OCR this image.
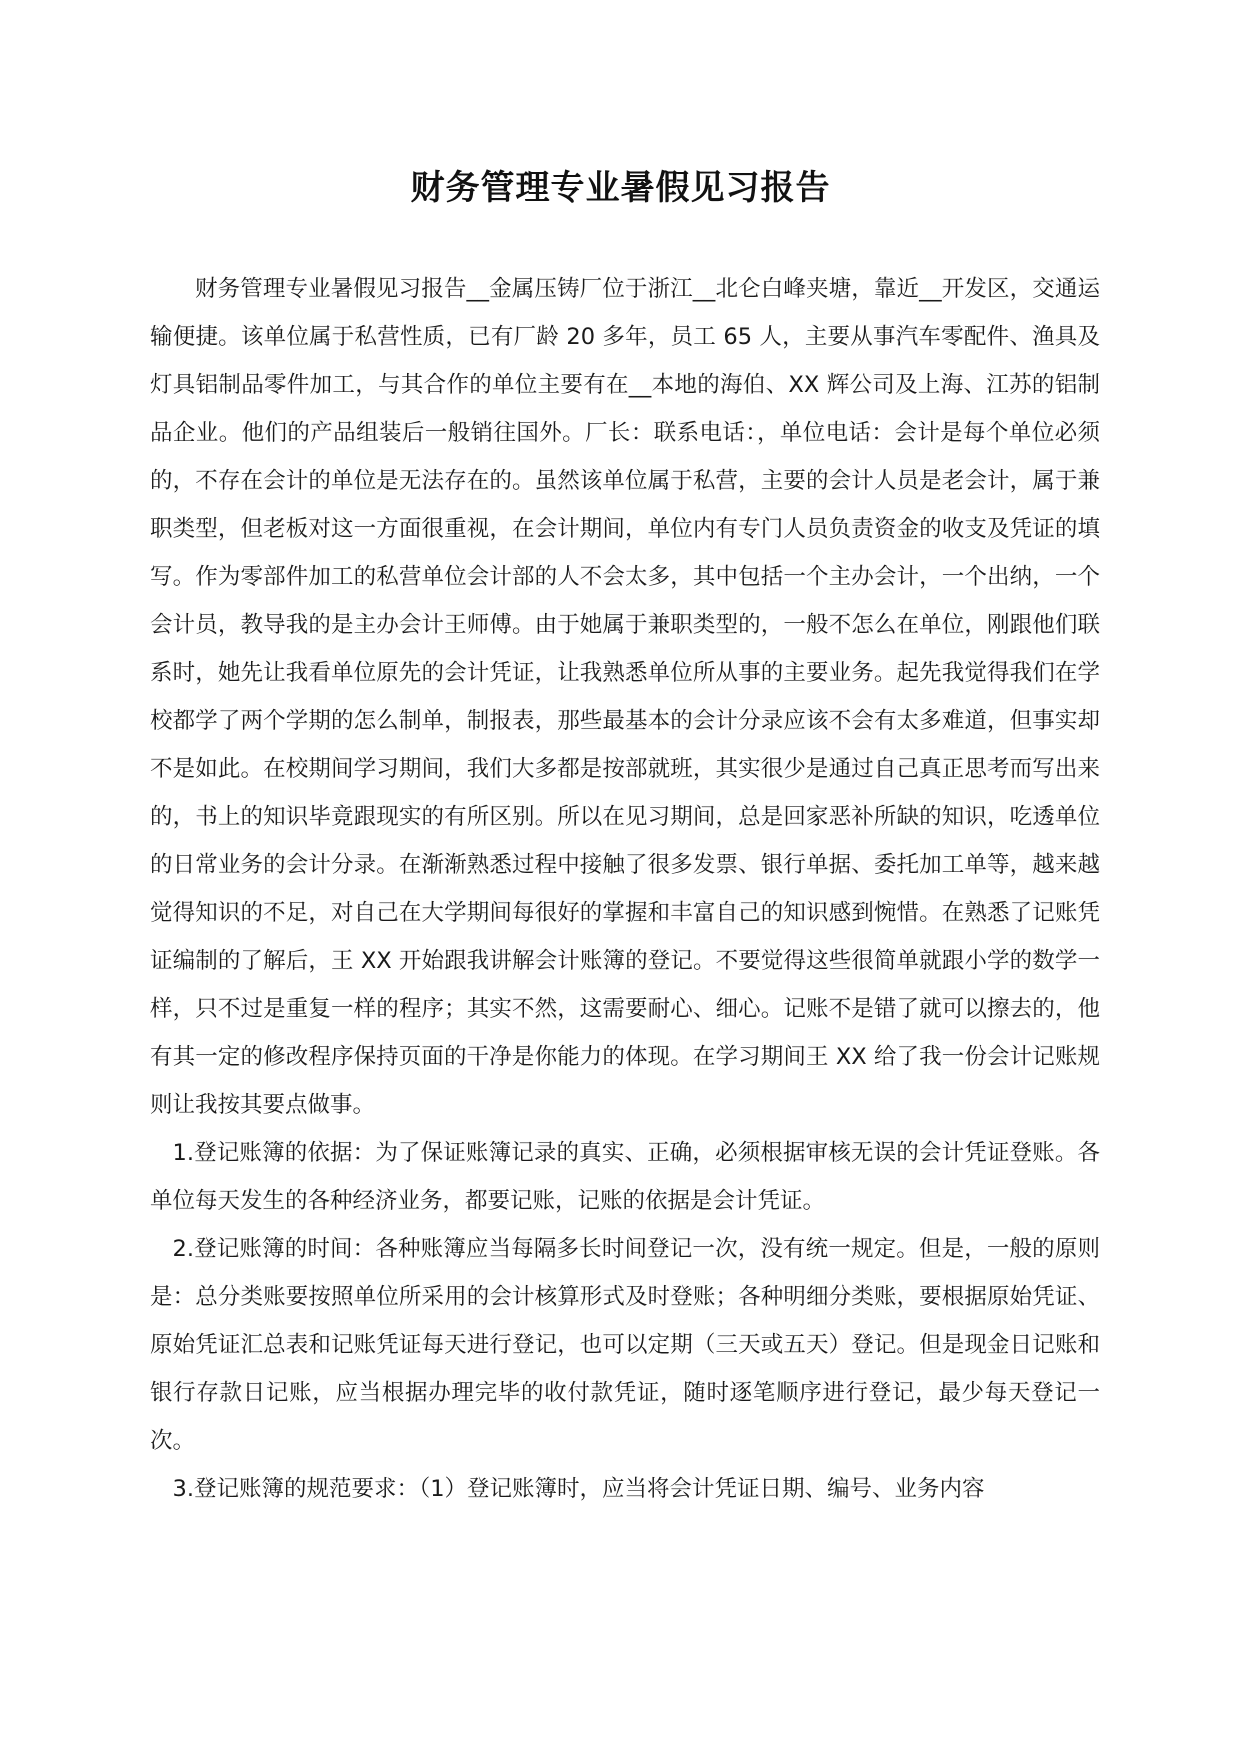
财务管理专业暑假见习报告

财务管理专业暑假见习报告__金属压铸厂位于浙江__北仑白峰夹塘，靠近__开发区，交通运输便捷。该单位属于私营性质，已有厂龄 20 多年，员工 65 人，主要从事汽车零配件、渔具及灯具铝制品零件加工，与其合作的单位主要有在__本地的海伯、XX 辉公司及上海、江苏的铝制品企业。他们的产品组装后一般销往国外。厂长：联系电话：，单位电话：会计是每个单位必须的，不存在会计的单位是无法存在的。虽然该单位属于私营，主要的会计人员是老会计，属于兼职类型，但老板对这一方面很重视，在会计期间，单位内有专门人员负责资金的收支及凭证的填写。作为零部件加工的私营单位会计部的人不会太多，其中包括一个主办会计，一个出纳，一个会计员，教导我的是主办会计王师傅。由于她属于兼职类型的，一般不怎么在单位，刚跟他们联系时，她先让我看单位原先的会计凭证，让我熟悉单位所从事的主要业务。起先我觉得我们在学校都学了两个学期的怎么制单，制报表，那些最基本的会计分录应该不会有太多难道，但事实却不是如此。在校期间学习期间，我们大多都是按部就班，其实很少是通过自己真正思考而写出来的，书上的知识毕竟跟现实的有所区别。所以在见习期间，总是回家恶补所缺的知识，吃透单位的日常业务的会计分录。在渐渐熟悉过程中接触了很多发票、银行单据、委托加工单等，越来越觉得知识的不足，对自己在大学期间每很好的掌握和丰富自己的知识感到惋惜。在熟悉了记账凭证编制的了解后，王 XX 开始跟我讲解会计账簿的登记。不要觉得这些很简单就跟小学的数学一样，只不过是重复一样的程序；其实不然，这需要耐心、细心。记账不是错了就可以擦去的，他有其一定的修改程序保持页面的干净是你能力的体现。在学习期间王 XX 给了我一份会计记账规则让我按其要点做事。

1.登记账簿的依据：为了保证账簿记录的真实、正确，必须根据审核无误的会计凭证登账。各单位每天发生的各种经济业务，都要记账，记账的依据是会计凭证。

2.登记账簿的时间：各种账簿应当每隔多长时间登记一次，没有统一规定。但是，一般的原则是：总分类账要按照单位所采用的会计核算形式及时登账；各种明细分类账，要根据原始凭证、原始凭证汇总表和记账凭证每天进行登记，也可以定期（三天或五天）登记。但是现金日记账和银行存款日记账，应当根据办理完毕的收付款凭证，随时逐笔顺序进行登记，最少每天登记一次。

3.登记账簿的规范要求：（1）登记账簿时，应当将会计凭证日期、编号、业务内容
